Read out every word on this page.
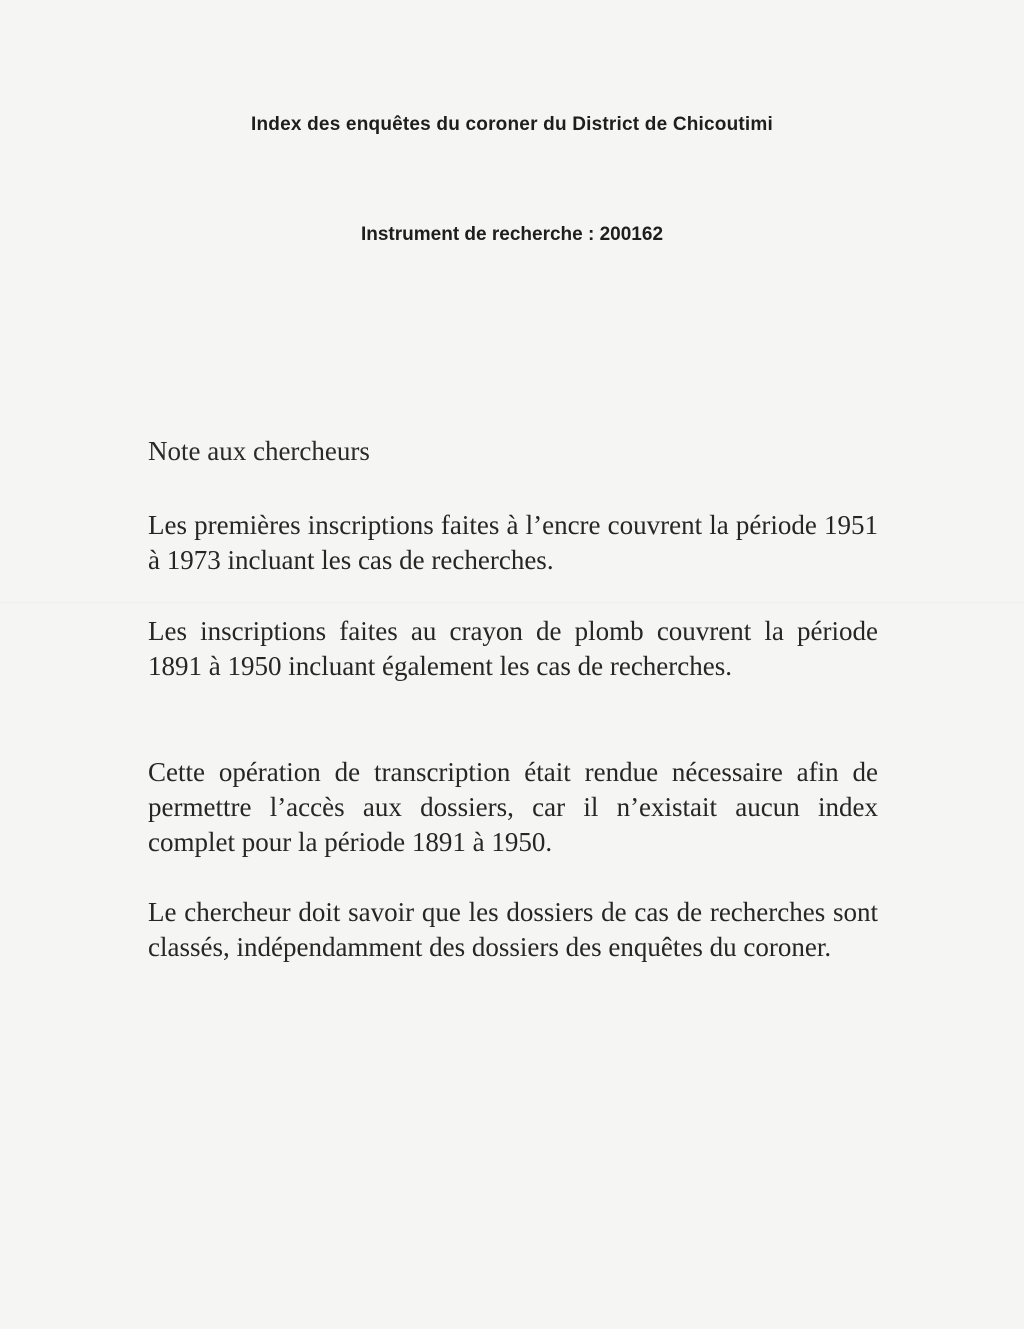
Index des enquêtes du coroner du District de Chicoutimi
Instrument de recherche : 200162
Note aux chercheurs
Les premières inscriptions faites à l’encre couvrent la période 1951 à 1973 incluant les cas de recherches.
Les inscriptions faites au crayon de plomb couvrent la période 1891 à 1950 incluant également les cas de recherches.
Cette opération de transcription était rendue nécessaire afin de permettre l’accès aux dossiers, car il n’existait aucun index complet pour la période 1891 à 1950.
Le chercheur doit savoir que les dossiers de cas de recherches sont classés, indépendamment des dossiers des enquêtes du coroner.
